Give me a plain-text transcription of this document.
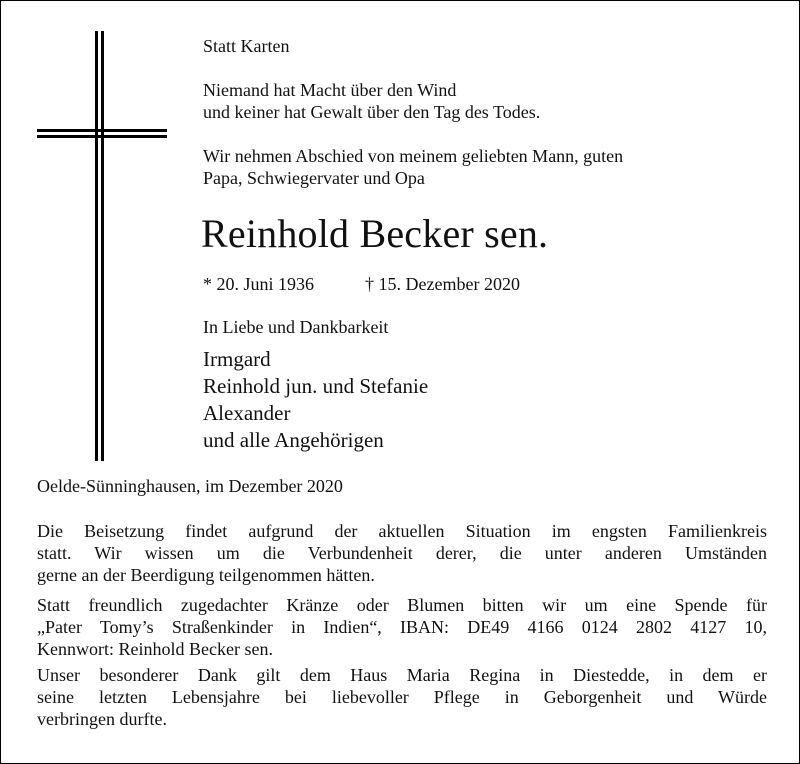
Statt Karten
Niemand hat Macht über den Wind
und keiner hat Gewalt über den Tag des Todes.
Wir nehmen Abschied von meinem geliebten Mann, guten
Papa, Schwiegervater und Opa
Reinhold Becker sen.
* 20. Juni 1936	† 15. Dezember 2020
In Liebe und Dankbarkeit
Irmgard
Reinhold jun. und Stefanie
Alexander
und alle Angehörigen
Oelde-Sünninghausen, im Dezember 2020
Die Beisetzung findet aufgrund der aktuellen Situation im engsten Familienkreis
statt. Wir wissen um die Verbundenheit derer, die unter anderen Umständen
gerne an der Beerdigung teilgenommen hätten.
Statt freundlich zugedachter Kränze oder Blumen bitten wir um eine Spende für
„Pater Tomy’s Straßenkinder in Indien“, IBAN: DE49 4166 0124 2802 4127 10,
Kennwort: Reinhold Becker sen.
Unser besonderer Dank gilt dem Haus Maria Regina in Diestedde, in dem er
seine letzten Lebensjahre bei liebevoller Pflege in Geborgenheit und Würde
verbringen durfte.
